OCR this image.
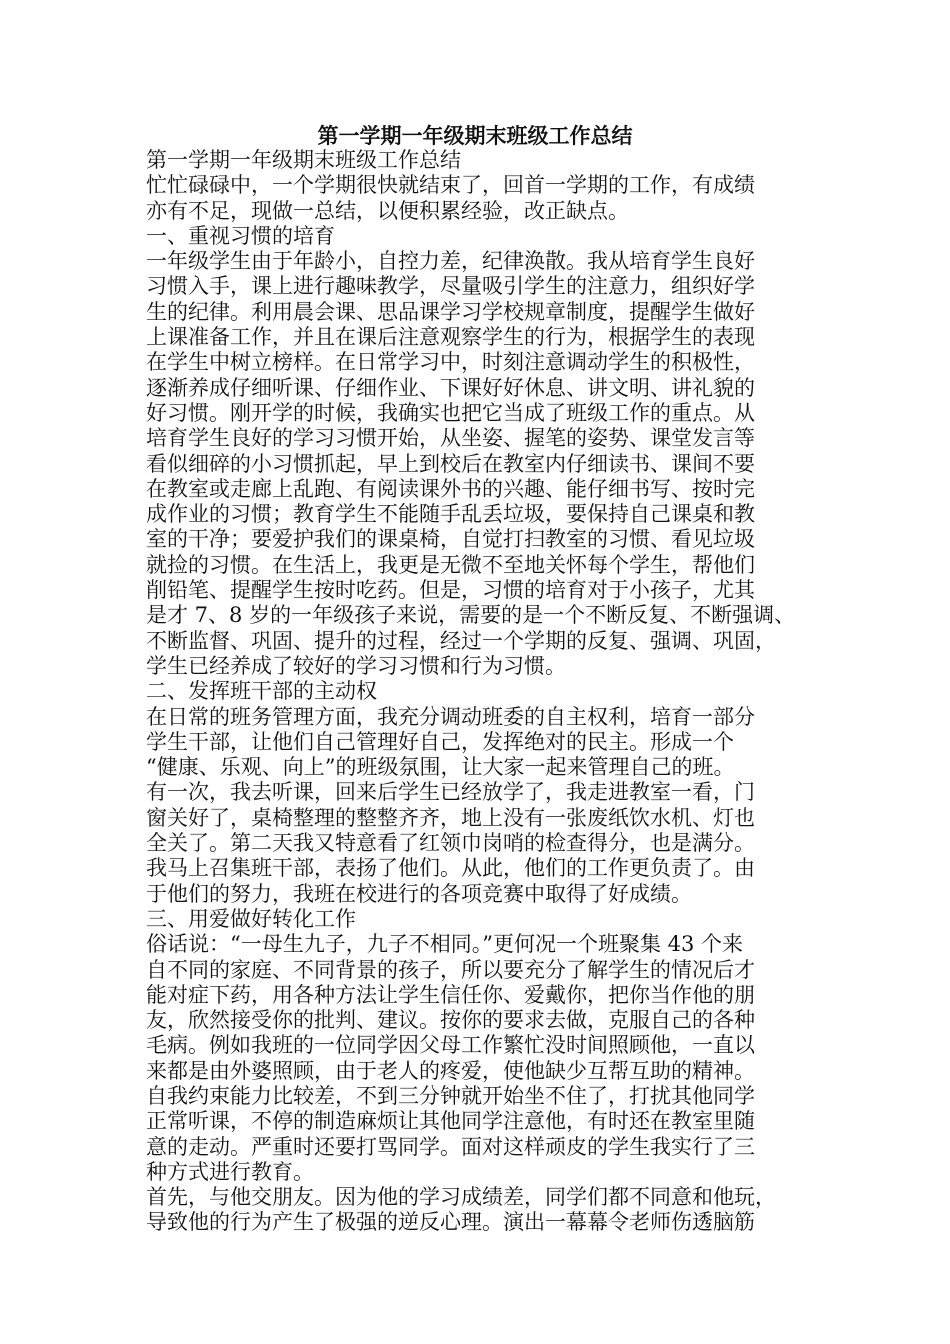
第一学期一年级期末班级工作总结
第一学期一年级期末班级工作总结
忙忙碌碌中，一个学期很快就结束了，回首一学期的工作，有成绩
亦有不足，现做一总结，以便积累经验，改正缺点。
一、重视习惯的培育
一年级学生由于年龄小，自控力差，纪律涣散。我从培育学生良好
习惯入手，课上进行趣味教学，尽量吸引学生的注意力，组织好学
生的纪律。利用晨会课、思品课学习学校规章制度，提醒学生做好
上课准备工作，并且在课后注意观察学生的行为，根据学生的表现
在学生中树立榜样。在日常学习中，时刻注意调动学生的积极性，
逐渐养成仔细听课、仔细作业、下课好好休息、讲文明、讲礼貌的
好习惯。刚开学的时候，我确实也把它当成了班级工作的重点。从
培育学生良好的学习习惯开始，从坐姿、握笔的姿势、课堂发言等
看似细碎的小习惯抓起，早上到校后在教室内仔细读书、课间不要
在教室或走廊上乱跑、有阅读课外书的兴趣、能仔细书写、按时完
成作业的习惯；教育学生不能随手乱丢垃圾，要保持自己课桌和教
室的干净；要爱护我们的课桌椅，自觉打扫教室的习惯、看见垃圾
就捡的习惯。在生活上，我更是无微不至地关怀每个学生，帮他们
削铅笔、提醒学生按时吃药。但是，习惯的培育对于小孩子，尤其
是才 7、8 岁的一年级孩子来说，需要的是一个不断反复、不断强调、
不断监督、巩固、提升的过程，经过一个学期的反复、强调、巩固，
学生已经养成了较好的学习习惯和行为习惯。
二、发挥班干部的主动权
在日常的班务管理方面，我充分调动班委的自主权利，培育一部分
学生干部，让他们自己管理好自己，发挥绝对的民主。形成一个
“健康、乐观、向上”的班级氛围，让大家一起来管理自己的班。
有一次，我去听课，回来后学生已经放学了，我走进教室一看，门
窗关好了，桌椅整理的整整齐齐，地上没有一张废纸饮水机、灯也
全关了。第二天我又特意看了红领巾岗哨的检查得分，也是满分。
我马上召集班干部，表扬了他们。从此，他们的工作更负责了。由
于他们的努力，我班在校进行的各项竞赛中取得了好成绩。
三、用爱做好转化工作
俗话说：“一母生九子，九子不相同。”更何况一个班聚集 43 个来
自不同的家庭、不同背景的孩子，所以要充分了解学生的情况后才
能对症下药，用各种方法让学生信任你、爱戴你，把你当作他的朋
友，欣然接受你的批判、建议。按你的要求去做，克服自己的各种
毛病。例如我班的一位同学因父母工作繁忙没时间照顾他，一直以
来都是由外婆照顾，由于老人的疼爱，使他缺少互帮互助的精神。
自我约束能力比较差，不到三分钟就开始坐不住了，打扰其他同学
正常听课，不停的制造麻烦让其他同学注意他，有时还在教室里随
意的走动。严重时还要打骂同学。面对这样顽皮的学生我实行了三
种方式进行教育。
首先，与他交朋友。因为他的学习成绩差，同学们都不同意和他玩，
导致他的行为产生了极强的逆反心理。演出一幕幕令老师伤透脑筋
